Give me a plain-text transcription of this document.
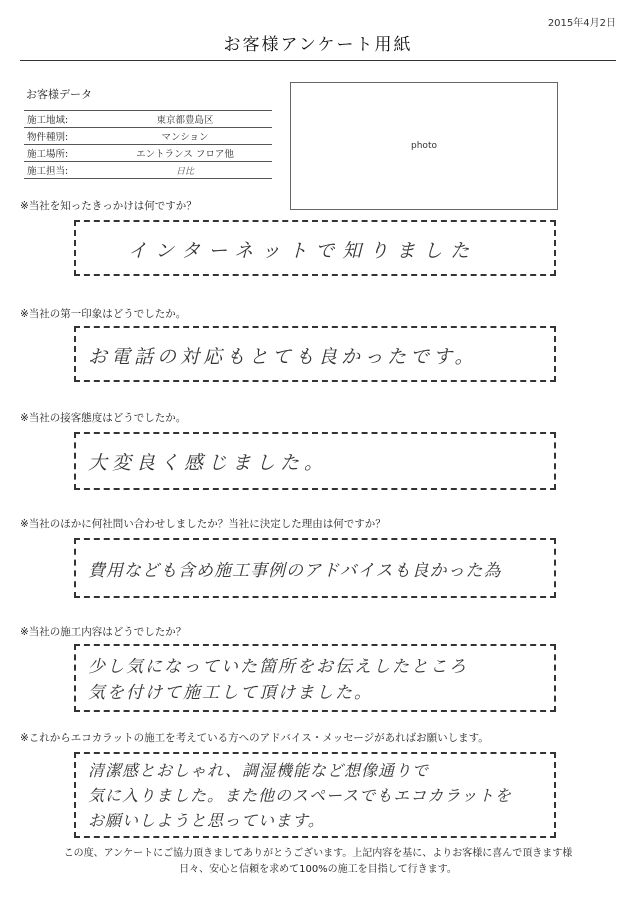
2015年4月2日
お客様アンケート用紙
お客様データ
施工地域:	東京都豊島区
物件種別:	マンション
施工場所:	エントランス フロア他
施工担当:	日比
photo
※当社を知ったきっかけは何ですか？
インターネットで知りました
※当社の第一印象はどうでしたか。
お電話の対応もとても良かったです。
※当社の接客態度はどうでしたか。
大変良く感じました。
※当社のほかに何社問い合わせしましたか？当社に決定した理由は何ですか？
費用なども含め施工事例のアドバイスも良かった為
※当社の施工内容はどうでしたか？
少し気になっていた箇所をお伝えしたところ
気を付けて施工して頂けました。
※これからエコカラットの施工を考えている方へのアドバイス・メッセージがあればお願いします。
清潔感とおしゃれ、調湿機能など想像通りで
気に入りました。また他のスペースでもエコカラットを
お願いしようと思っています。
この度、アンケートにご協力頂きましてありがとうございます。上記内容を基に、よりお客様に喜んで頂きます様
日々、安心と信頼を求めて100%の施工を目指して行きます。
